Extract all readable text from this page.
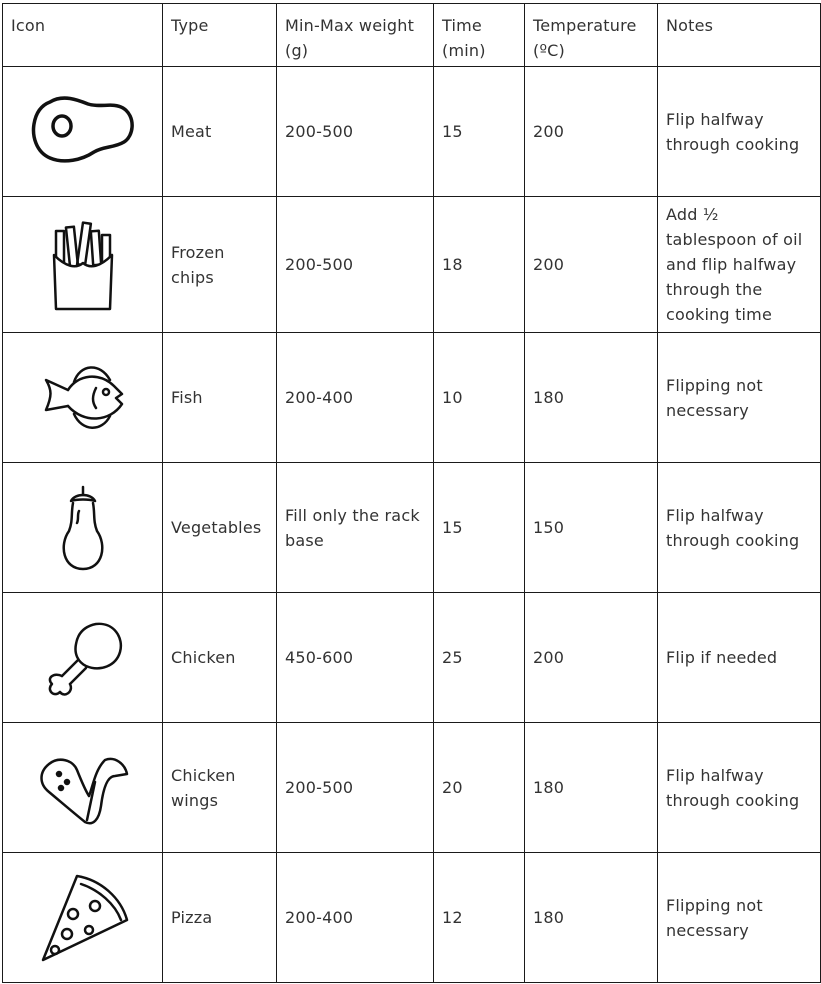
Icon	Type	Min-Max weight (g)	Time (min)	Temperature (ºC)	Notes
	Meat	200-500	15	200	Flip halfway through cooking
	Frozen chips	200-500	18	200	Add ½ tablespoon of oil and flip halfway through the cooking time
	Fish	200-400	10	180	Flipping not necessary
	Vegetables	Fill only the rack base	15	150	Flip halfway through cooking
	Chicken	450-600	25	200	Flip if needed
	Chicken wings	200-500	20	180	Flip halfway through cooking
	Pizza	200-400	12	180	Flipping not necessary
